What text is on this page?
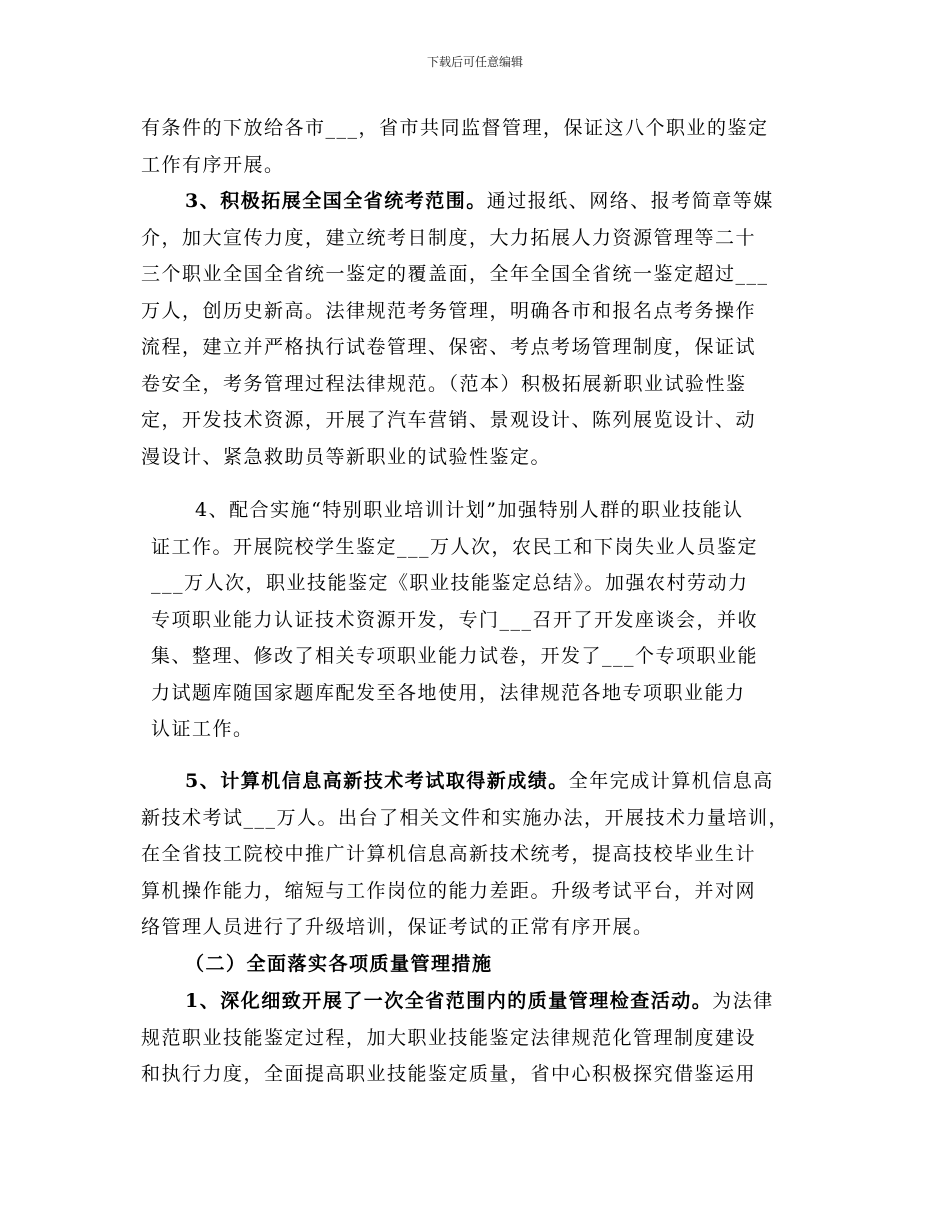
下载后可任意编辑
有条件的下放给各市___，省市共同监督管理，保证这八个职业的鉴定
工作有序开展。
3、积极拓展全国全省统考范围。通过报纸、网络、报考简章等媒
介，加大宣传力度，建立统考日制度，大力拓展人力资源管理等二十
三个职业全国全省统一鉴定的覆盖面，全年全国全省统一鉴定超过___
万人，创历史新高。法律规范考务管理，明确各市和报名点考务操作
流程，建立并严格执行试卷管理、保密、考点考场管理制度，保证试
卷安全，考务管理过程法律规范。（范本）积极拓展新职业试验性鉴
定，开发技术资源，开展了汽车营销、景观设计、陈列展览设计、动
漫设计、紧急救助员等新职业的试验性鉴定。
4、配合实施“特别职业培训计划”加强特别人群的职业技能认
证工作。开展院校学生鉴定___万人次，农民工和下岗失业人员鉴定
___万人次，职业技能鉴定《职业技能鉴定总结》。加强农村劳动力
专项职业能力认证技术资源开发，专门___召开了开发座谈会，并收
集、整理、修改了相关专项职业能力试卷，开发了___个专项职业能
力试题库随国家题库配发至各地使用，法律规范各地专项职业能力
认证工作。
5、计算机信息高新技术考试取得新成绩。全年完成计算机信息高
新技术考试___万人。出台了相关文件和实施办法，开展技术力量培训，
在全省技工院校中推广计算机信息高新技术统考，提高技校毕业生计
算机操作能力，缩短与工作岗位的能力差距。升级考试平台，并对网
络管理人员进行了升级培训，保证考试的正常有序开展。
（二）全面落实各项质量管理措施
1、深化细致开展了一次全省范围内的质量管理检查活动。为法律
规范职业技能鉴定过程，加大职业技能鉴定法律规范化管理制度建设
和执行力度，全面提高职业技能鉴定质量，省中心积极探究借鉴运用
